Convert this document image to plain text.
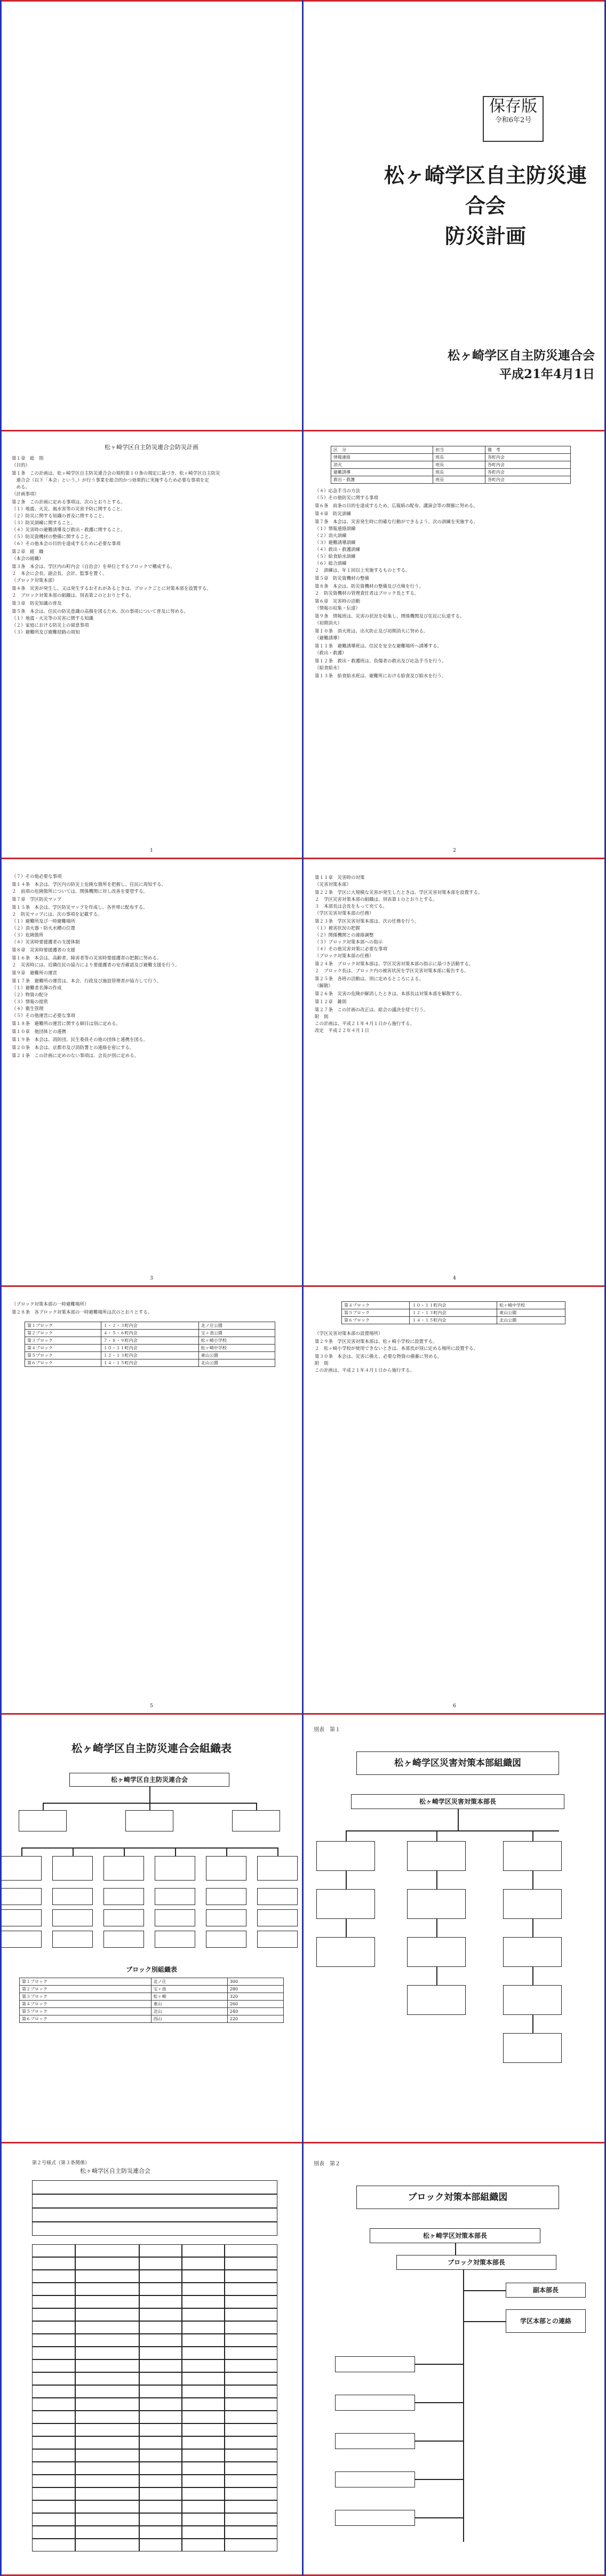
保存版
令和6年2号
松ヶ崎学区自主防災連合会
防災計画
松ヶ崎学区自主防災連合会
平成21年4月1日
松ヶ崎学区自主防災連合会防災計画
第１章　総　則
（目的）
第１条　この計画は、松ヶ崎学区自主防災連合会の規約第１０条の規定に基づき、松ヶ崎学区自主防災
　連合会（以下「本会」という。）が行う事業を総合的かつ効果的に実施するため必要な事項を定
　める。
（計画事項）
第２条　この計画に定める事項は、次のとおりとする。
（１）地震、火災、風水害等の災害予防に関すること。
（２）防災に関する知識の普及に関すること。
（３）防災訓練に関すること。
（４）災害時の避難誘導及び救出・救護に関すること。
（５）防災資機材の整備に関すること。
（６）その他本会の目的を達成するために必要な事項
第２章　組　織
（本会の組織）
第３条　本会は、学区内の町内会（自治会）を単位とするブロックで構成する。
２　本会に会長、副会長、会計、監事を置く。
（ブロック対策本部）
第４条　災害が発生し、又は発生するおそれがあるときは、ブロックごとに対策本部を設置する。
２　ブロック対策本部の組織は、別表第２のとおりとする。
第３章　防災知識の普及
第５条　本会は、住民の防災意識の高揚を図るため、次の事項について普及に努める。
（１）地震・火災等の災害に関する知識
（２）家庭における防災上の留意事項
（３）避難所及び避難経路の周知
1
区　分	担当	備　考
情報連絡	班長	各町内会
消火	班長	各町内会
避難誘導	班長	各町内会
救出・救護	班長	各町内会
（４）応急手当の方法
（５）その他防災に関する事項
第６条　前条の目的を達成するため、広報紙の配布、講演会等の開催に努める。
第４章　防災訓練
第７条　本会は、災害発生時に的確な行動ができるよう、次の訓練を実施する。
（１）情報連絡訓練
（２）消火訓練
（３）避難誘導訓練
（４）救出・救護訓練
（５）給食給水訓練
（６）総合訓練
２　訓練は、年１回以上実施するものとする。
第５章　防災資機材の整備
第８条　本会は、防災資機材の整備及び点検を行う。
２　防災資機材の管理責任者はブロック長とする。
第６章　災害時の活動
（情報の収集・伝達）
第９条　情報班は、災害の状況を収集し、関係機関及び住民に伝達する。
（初期消火）
第１０条　消火班は、出火防止及び初期消火に努める。
（避難誘導）
第１１条　避難誘導班は、住民を安全な避難場所へ誘導する。
（救出・救護）
第１２条　救出・救護班は、負傷者の救出及び応急手当を行う。
（給食給水）
第１３条　給食給水班は、避難所における給食及び給水を行う。
2
（７）その他必要な事項
第１４条　本会は、学区内の防災上危険な箇所を把握し、住民に周知する。
２　前項の危険箇所については、関係機関に対し改善を要望する。
第７章　学区防災マップ
第１５条　本会は、学区防災マップを作成し、各世帯に配布する。
２　防災マップには、次の事項を記載する。
（１）避難所及び一時避難場所
（２）消火器・防火水槽の位置
（３）危険箇所
（４）災害時要援護者の支援体制
第８章　災害時要援護者の支援
第１６条　本会は、高齢者、障害者等の災害時要援護者の把握に努める。
２　災害時には、近隣住民の協力により要援護者の安否確認及び避難支援を行う。
第９章　避難所の運営
第１７条　避難所の運営は、本会、行政及び施設管理者が協力して行う。
（１）避難者名簿の作成
（２）物資の配分
（３）情報の提供
（４）衛生管理
（５）その他運営に必要な事項
第１８条　避難所の運営に関する細目は別に定める。
第１０章　他団体との連携
第１９条　本会は、消防団、民生委員その他の団体と連携を図る。
第２０条　本会は、京都市及び消防署との連絡を密にする。
第２１条　この計画に定めのない事項は、会長が別に定める。
3
第１１章　災害時の対策
（災害対策本部）
第２２条　学区に大規模な災害が発生したときは、学区災害対策本部を設置する。
２　学区災害対策本部の組織は、別表第１のとおりとする。
３　本部長は会長をもって充てる。
（学区災害対策本部の任務）
第２３条　学区災害対策本部は、次の任務を行う。
（１）被害状況の把握
（２）関係機関との連絡調整
（３）ブロック対策本部への指示
（４）その他災害対策に必要な事項
（ブロック対策本部の任務）
第２４条　ブロック対策本部は、学区災害対策本部の指示に基づき活動する。
２　ブロック長は、ブロック内の被害状況を学区災害対策本部に報告する。
第２５条　各班の活動は、別に定めるところによる。
（解散）
第２６条　災害の危険が解消したときは、本部長は対策本部を解散する。
第１２章　雑則
第２７条　この計画の改正は、総会の議決を経て行う。
附　則
この計画は、平成２１年４月１日から施行する。
改定　平成２２年４月１日
4
（ブロック対策本部の一時避難場所）
第２８条　各ブロック対策本部の一時避難場所は次のとおりとする。
第１ブロック	１・２・３町内会	北ノ庄公園
第２ブロック	４・５・６町内会	宝ヶ池公園
第３ブロック	７・８・９町内会	松ヶ崎小学校
第４ブロック	１０・１１町内会	松ヶ崎中学校
第５ブロック	１２・１３町内会	東山公園
第６ブロック	１４・１５町内会	北山公園
5
第４ブロック	１０・１１町内会	松ヶ崎中学校
第５ブロック	１２・１３町内会	東山公園
第６ブロック	１４・１５町内会	北山公園
（学区災害対策本部の設置場所）
第２９条　学区災害対策本部は、松ヶ崎小学校に設置する。
２　松ヶ崎小学校が使用できないときは、本部長が別に定める場所に設置する。
第３０条　本会は、災害に備え、必要な物資の備蓄に努める。
附　則
この計画は、平成２１年４月１日から施行する。
6
松ヶ崎学区自主防災連合会組織表
松ヶ崎学区自主防災連合会
ブロック別組織表
第１ブロック	北ノ庄	300
第２ブロック	宝ヶ池	280
第３ブロック	松ヶ崎	320
第４ブロック	東山	260
第５ブロック	北山	240
第６ブロック	西山	220
別表　第１
松ヶ崎学区災害対策本部組織図
松ヶ崎学区災害対策本部長
第２号様式（第３条関係）
松ヶ崎学区自主防災連合会
別表　第２
ブロック対策本部組織図
松ヶ崎学区対策本部長
ブロック対策本部長
副本部長
学区本部との連絡
